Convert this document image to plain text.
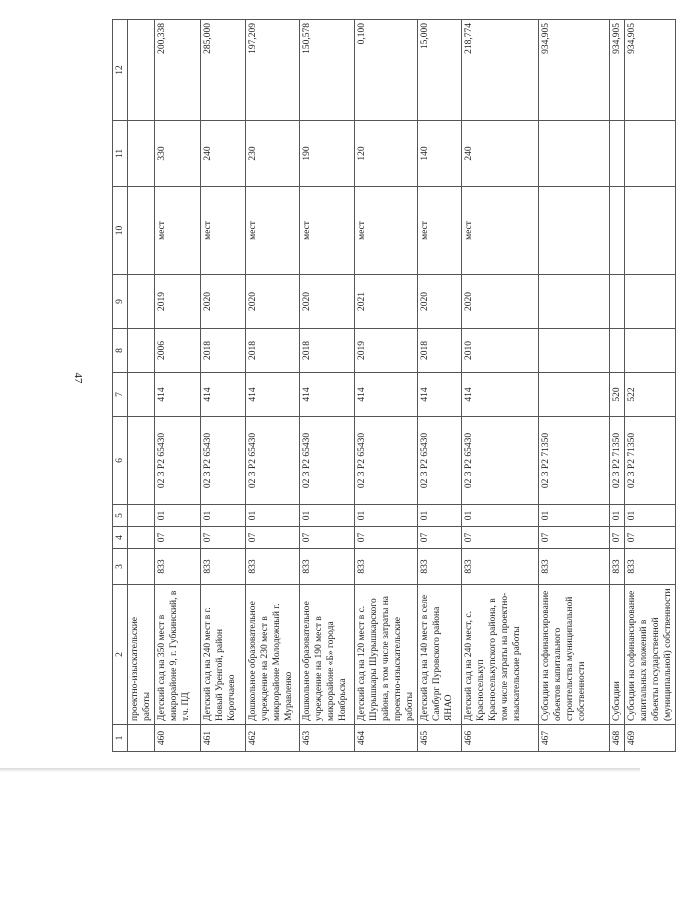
47
1	2	3	4	5	6	7	8	9	10	11	12
	проектно-изыскательские работы										
460	Детский сад на 350 мест в микрорайоне 9, г. Губкинский, в т.ч. ПД	833	07	01	02 3 P2 65430	414	2006	2019	мест	330	200,338
461	Детский сад на 240 мест в г. Новый Уренгой, район Коротчаево	833	07	01	02 3 P2 65430	414	2018	2020	мест	240	285,000
462	Дошкольное образовательное учреждение на 230 мест в микрорайоне Молодежный г. Муравленко	833	07	01	02 3 P2 65430	414	2018	2020	мест	230	197,209
463	Дошкольное образовательное учреждение на 190 мест в микрорайоне «Б» города Ноябрьска	833	07	01	02 3 P2 65430	414	2018	2020	мест	190	150,578
464	Детский сад на 120 мест в с. Шурышкары Шурышкарского района, в том числе затраты на проектно-изыскательские работы	833	07	01	02 3 P2 65430	414	2019	2021	мест	120	0,100
465	Детский сад на 140 мест в селе Самбург Пуровского района ЯНАО	833	07	01	02 3 P2 65430	414	2018	2020	мест	140	15,000
466	Детский сад на 240 мест, с. Красноселькуп Красноселькупского района, в том числе затраты на проектно-изыскательские работы	833	07	01	02 3 P2 65430	414	2010	2020	мест	240	218,774
467	Субсидии на софинансирование объектов капитального строительства муниципальной собственности	833	07	01	02 3 P2 71350						934,905
468	Субсидии	833	07	01	02 3 P2 71350	520					934,905
469	Субсидии на софинансирование капитальных вложений в объекты государственной (муниципальной) собственности	833	07	01	02 3 P2 71350	522					934,905
